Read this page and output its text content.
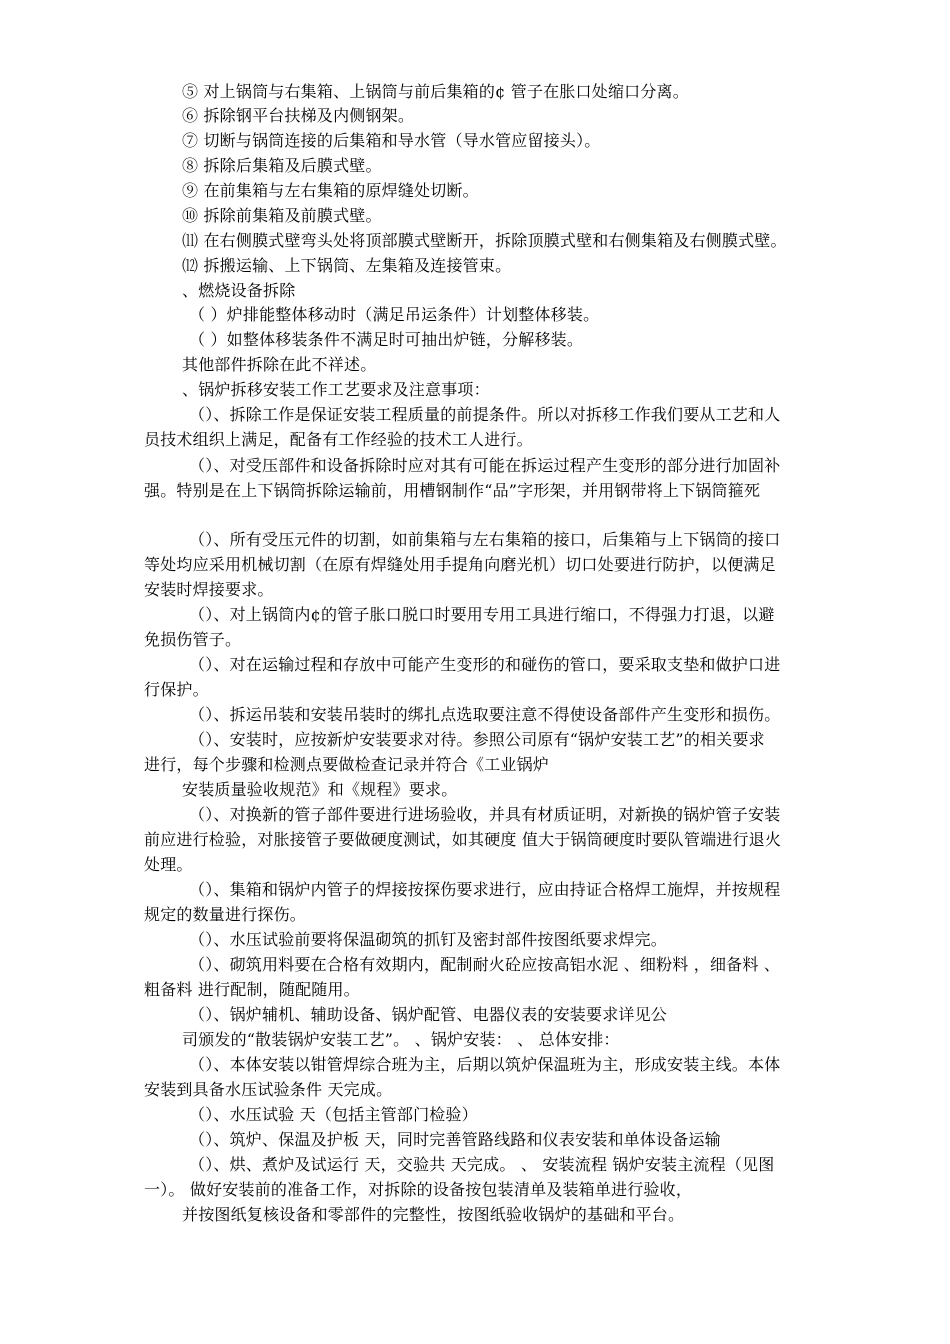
⑤ 对上锅筒与右集箱、上锅筒与前后集箱的¢ 管子在胀口处缩口分离。
⑥ 拆除钢平台扶梯及内侧钢架。
⑦ 切断与锅筒连接的后集箱和导水管（导水管应留接头）。
⑧ 拆除后集箱及后膜式壁。
⑨ 在前集箱与左右集箱的原焊缝处切断。
⑩ 拆除前集箱及前膜式壁。
⑾ 在右侧膜式壁弯头处将顶部膜式壁断开，拆除顶膜式壁和右侧集箱及右侧膜式壁。
⑿ 拆搬运输、上下锅筒、左集箱及连接管束。
、燃烧设备拆除
（ ）炉排能整体移动时（满足吊运条件）计划整体移装。
（ ）如整体移装条件不满足时可抽出炉链，分解移装。
其他部件拆除在此不祥述。
、锅炉拆移安装工作工艺要求及注意事项：
（）、拆除工作是保证安装工程质量的前提条件。所以对拆移工作我们要从工艺和人
员技术组织上满足，配备有工作经验的技术工人进行。
（）、对受压部件和设备拆除时应对其有可能在拆运过程产生变形的部分进行加固补
强。特别是在上下锅筒拆除运输前，用槽钢制作“品”字形架，并用钢带将上下锅筒箍死
（）、所有受压元件的切割，如前集箱与左右集箱的接口，后集箱与上下锅筒的接口
等处均应采用机械切割（在原有焊缝处用手提角向磨光机）切口处要进行防护，以便满足
安装时焊接要求。
（）、对上锅筒内¢的管子胀口脱口时要用专用工具进行缩口，不得强力打退，以避
免损伤管子。
（）、对在运输过程和存放中可能产生变形的和碰伤的管口，要采取支垫和做护口进
行保护。
（）、拆运吊装和安装吊装时的绑扎点选取要注意不得使设备部件产生变形和损伤。
（）、安装时，应按新炉安装要求对待。参照公司原有“锅炉安装工艺”的相关要求
进行，每个步骤和检测点要做检查记录并符合《工业锅炉
安装质量验收规范》和《规程》要求。
（）、对换新的管子部件要进行进场验收，并具有材质证明，对新换的锅炉管子安装
前应进行检验，对胀接管子要做硬度测试，如其硬度 值大于锅筒硬度时要队管端进行退火
处理。
（）、集箱和锅炉内管子的焊接按探伤要求进行，应由持证合格焊工施焊，并按规程
规定的数量进行探伤。
（）、水压试验前要将保温砌筑的抓钉及密封部件按图纸要求焊完。
（）、砌筑用料要在合格有效期内，配制耐火砼应按高铝水泥 、细粉料 ，细备料 、
粗备料 进行配制，随配随用。
（）、锅炉辅机、辅助设备、锅炉配管、电器仪表的安装要求详见公
司颁发的“散装锅炉安装工艺”。 、锅炉安装： 、 总体安排：
（）、本体安装以钳管焊综合班为主，后期以筑炉保温班为主，形成安装主线。本体
安装到具备水压试验条件 天完成。
（）、水压试验 天（包括主管部门检验）
（）、筑炉、保温及护板 天，同时完善管路线路和仪表安装和单体设备运输
（）、烘、煮炉及试运行 天，交验共 天完成。 、 安装流程 锅炉安装主流程（见图
一）。 做好安装前的准备工作，对拆除的设备按包装清单及装箱单进行验收，
并按图纸复核设备和零部件的完整性，按图纸验收锅炉的基础和平台。
